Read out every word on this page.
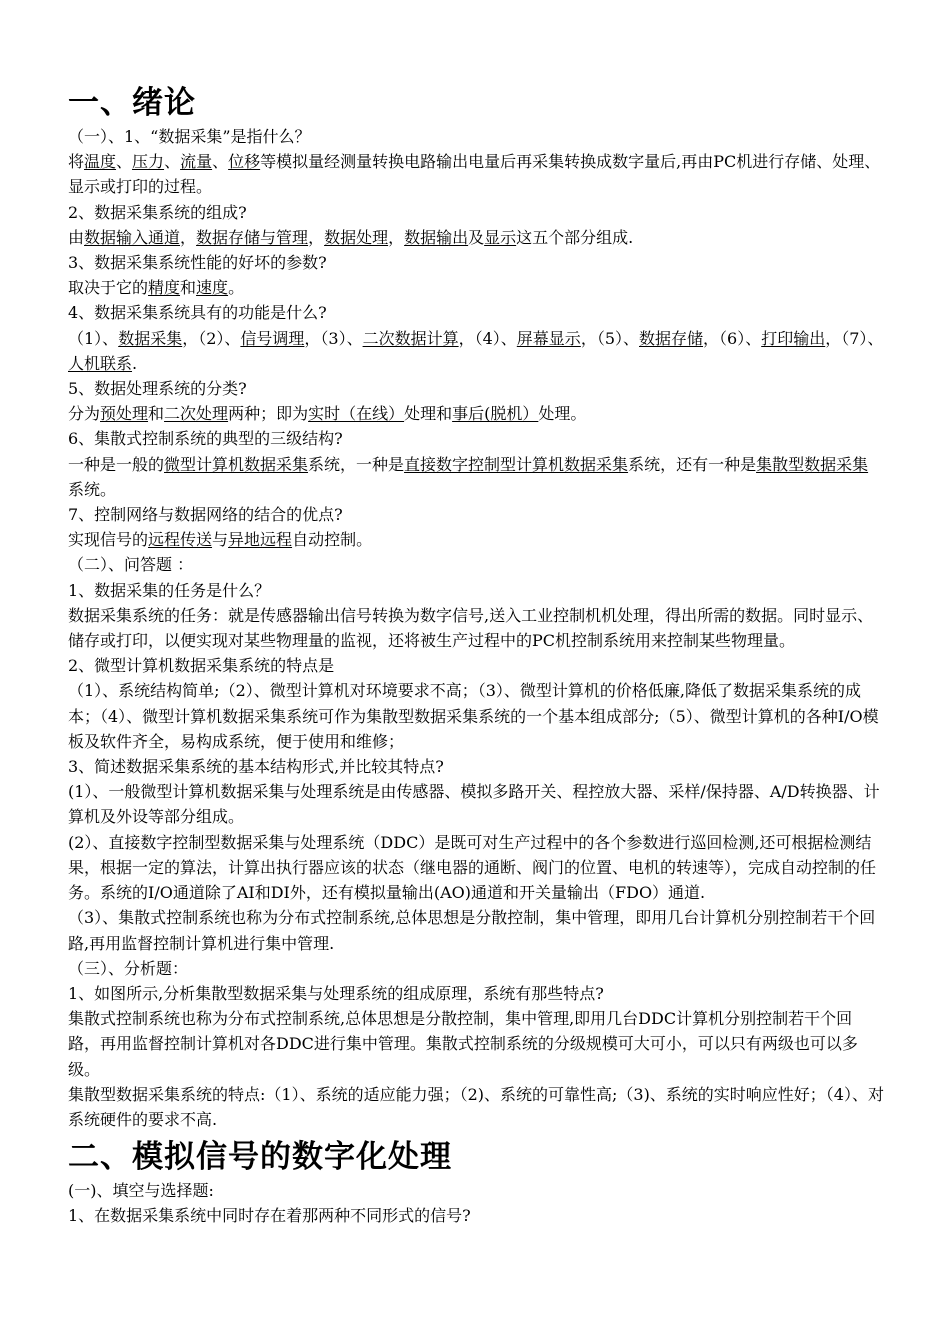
一、绪论

（一）、1、“数据采集”是指什么？

将温度、压力、流量、位移等模拟量经测量转换电路输出电量后再采集转换成数字量后,再由PC机进行存储、处理、显示或打印的过程。

2、数据采集系统的组成?

由数据输入通道，数据存储与管理，数据处理，数据输出及显示这五个部分组成.

3、数据采集系统性能的好坏的参数?

取决于它的精度和速度。

4、数据采集系统具有的功能是什么?

（1）、数据采集，（2）、信号调理，（3）、二次数据计算，（4）、屏幕显示，（5）、数据存储，（6）、打印输出，（7）、人机联系.

5、数据处理系统的分类?

分为预处理和二次处理两种；即为实时（在线）处理和事后(脱机）处理。

6、集散式控制系统的典型的三级结构?

一种是一般的微型计算机数据采集系统，一种是直接数字控制型计算机数据采集系统，还有一种是集散型数据采集系统。

7、控制网络与数据网络的结合的优点?

实现信号的远程传送与异地远程自动控制。

（二）、问答题 ：

1、数据采集的任务是什么？

数据采集系统的任务：就是传感器输出信号转换为数字信号,送入工业控制机机处理，得出所需的数据。同时显示、储存或打印，以便实现对某些物理量的监视，还将被生产过程中的PC机控制系统用来控制某些物理量。

2、微型计算机数据采集系统的特点是

（1）、系统结构简单;（2）、微型计算机对环境要求不高；（3）、微型计算机的价格低廉,降低了数据采集系统的成本；（4）、微型计算机数据采集系统可作为集散型数据采集系统的一个基本组成部分;（5）、微型计算机的各种I/O模板及软件齐全，易构成系统，便于使用和维修；

3、简述数据采集系统的基本结构形式,并比较其特点?

(1）、一般微型计算机数据采集与处理系统是由传感器、模拟多路开关、程控放大器、采样/保持器、A/D转换器、计算机及外设等部分组成。

(2）、直接数字控制型数据采集与处理系统（DDC）是既可对生产过程中的各个参数进行巡回检测,还可根据检测结果，根据一定的算法，计算出执行器应该的状态（继电器的通断、阀门的位置、电机的转速等），完成自动控制的任务。系统的I/O通道除了AI和DI外，还有模拟量输出(AO)通道和开关量输出（FDO）通道.

（3）、集散式控制系统也称为分布式控制系统,总体思想是分散控制，集中管理，即用几台计算机分别控制若干个回路,再用监督控制计算机进行集中管理.

（三）、分析题：

1、如图所示,分析集散型数据采集与处理系统的组成原理，系统有那些特点?

集散式控制系统也称为分布式控制系统,总体思想是分散控制，集中管理,即用几台DDC计算机分别控制若干个回路，再用监督控制计算机对各DDC进行集中管理。集散式控制系统的分级规模可大可小，可以只有两级也可以多级。

集散型数据采集系统的特点:（1）、系统的适应能力强；（2)、系统的可靠性高;（3)、系统的实时响应性好；（4）、对系统硬件的要求不高.

二、模拟信号的数字化处理

(一)、填空与选择题:

1、在数据采集系统中同时存在着那两种不同形式的信号?
